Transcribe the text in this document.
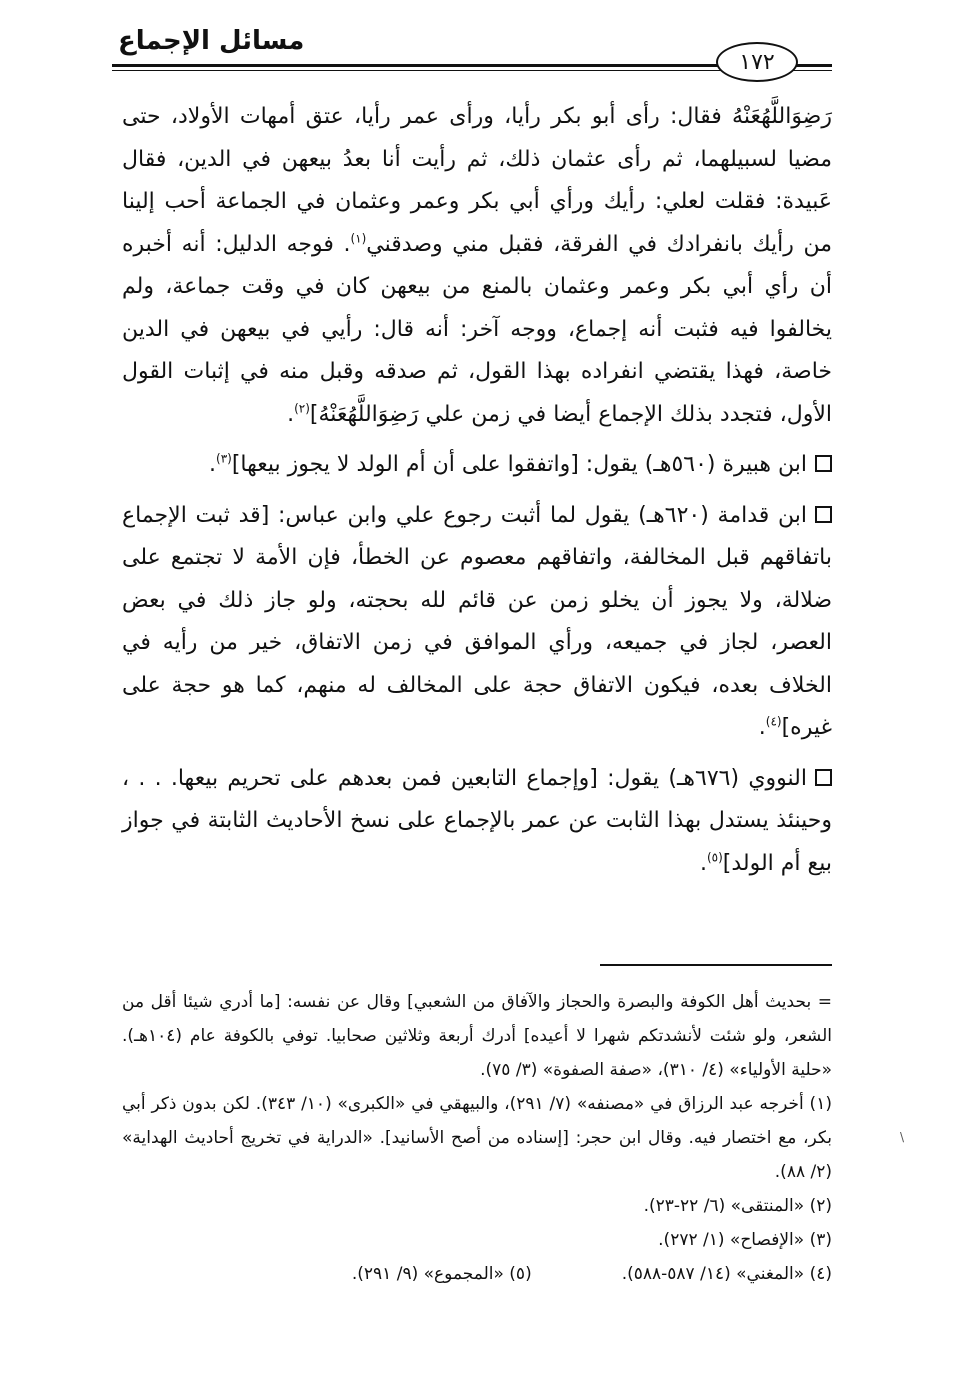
مسائل الإجماع
١٧٢

رَضِوَاللَّهُعَنْهُ فقال: رأى أبو بكر رأيا، ورأى عمر رأيا، عتق أمهات الأولاد، حتى مضيا لسبيلهما، ثم رأى عثمان ذلك، ثم رأيت أنا بعدُ بيعهن في الدين، فقال عَبيدة: فقلت لعلي: رأيك ورأي أبي بكر وعمر وعثمان في الجماعة أحب إلينا من رأيك بانفرادك في الفرقة، فقبل مني وصدقني$^{(١)}$. فوجه الدليل: أنه أخبره أن رأي أبي بكر وعمر وعثمان بالمنع من بيعهن كان في وقت جماعة، ولم يخالفوا فيه فثبت أنه إجماع، ووجه آخر: أنه قال: رأيي في بيعهن في الدين خاصة، فهذا يقتضي انفراده بهذا القول، ثم صدقه وقبل منه في إثبات القول الأول، فتجدد بذلك الإجماع أيضا في زمن علي رَضِوَاللَّهُعَنْهُ]$^{(٢)}$.

ابن هبيرة (٥٦٠هـ) يقول: [واتفقوا على أن أم الولد لا يجوز بيعها]$^{(٣)}$.

ابن قدامة (٦٢٠هـ) يقول لما أثبت رجوع علي وابن عباس: [قد ثبت الإجماع باتفاقهم قبل المخالفة، واتفاقهم معصوم عن الخطأ، فإن الأمة لا تجتمع على ضلالة، ولا يجوز أن يخلو زمن عن قائم لله بحجته، ولو جاز ذلك في بعض العصر، لجاز في جميعه، ورأي الموافق في زمن الاتفاق، خير من رأيه في الخلاف بعده، فيكون الاتفاق حجة على المخالف له منهم، كما هو حجة على غيره]$^{(٤)}$.

النووي (٦٧٦هـ) يقول: [وإجماع التابعين فمن بعدهم على تحريم بيعها. . . ، وحينئذ يستدل بهذا الثابت عن عمر بالإجماع على نسخ الأحاديث الثابتة في جواز بيع أم الولد]$^{(٥)}$.

= بحديث أهل الكوفة والبصرة والحجاز والآفاق من الشعبي] وقال عن نفسه: [ما أدري شيئا أقل من الشعر، ولو شئت لأنشدتكم شهرا لا أعيده] أدرك أربعة وثلاثين صحابيا. توفي بالكوفة عام (١٠٤هـ). «حلية الأولياء» (٤/ ٣١٠)، «صفة الصفوة» (٣/ ٧٥).

(١) أخرجه عبد الرزاق في «مصنفه» (٧/ ٢٩١)، والبيهقي في «الكبرى» (١٠/ ٣٤٣). لكن بدون ذكر أبي بكر، مع اختصار فيه. وقال ابن حجر: [إسناده من أصح الأسانيد]. «الدراية في تخريج أحاديث الهداية» (٢/ ٨٨).

(٢) «المنتقى» (٦/ ٢٢-٢٣).

(٣) «الإفصاح» (١/ ٢٧٢).

(٤) «المغني» (١٤/ ٥٨٧-٥٨٨).
(٥) «المجموع» (٩/ ٢٩١).
\
